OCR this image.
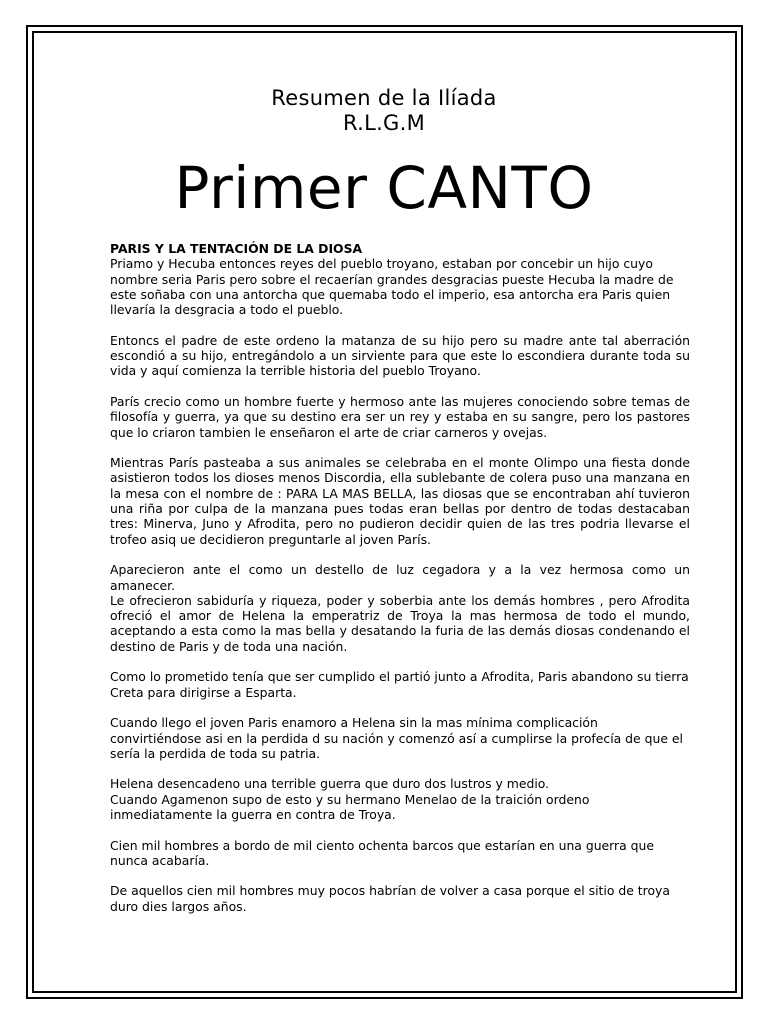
Resumen de la Ilíada
R.L.G.M
Primer CANTO
PARIS Y LA TENTACIÓN DE LA DIOSA

Priamo y Hecuba entonces reyes del pueblo troyano, estaban por concebir un hijo cuyo nombre seria Paris pero sobre el recaerían grandes desgracias pueste Hecuba la madre de este soñaba con una antorcha que quemaba todo el imperio, esa antorcha era Paris quien llevaría la desgracia a todo el pueblo.

Entoncs el padre de este ordeno la matanza de su hijo pero su madre ante tal aberración escondió a su hijo, entregándolo a un sirviente para que este lo escondiera durante toda su vida y aquí comienza la terrible historia del pueblo Troyano.

París crecio como un hombre fuerte y hermoso ante las mujeres conociendo sobre temas de filosofía y guerra, ya que su destino era ser un rey y estaba en su sangre, pero los pastores que lo criaron tambien le enseñaron el arte de criar carneros y ovejas.

Mientras París pasteaba a sus animales se celebraba en el monte Olimpo una fiesta donde asistieron todos los dioses menos Discordia, ella sublebante de colera puso una manzana en la mesa con el nombre de : PARA LA MAS BELLA, las diosas que se encontraban ahí tuvieron una riña por culpa de la manzana pues todas eran bellas por dentro de todas destacaban tres: Minerva, Juno y Afrodita, pero no pudieron decidir quien de las tres podria llevarse el trofeo asiq ue decidieron preguntarle al joven París.

Aparecieron ante el como un destello de luz cegadora y a la vez hermosa como un amanecer.
Le ofrecieron sabiduría y riqueza, poder y soberbia ante los demás hombres , pero Afrodita ofreció el amor de Helena la emperatriz de Troya la mas hermosa de todo el mundo, aceptando a esta como la mas bella y desatando la furia de las demás diosas condenando el destino de Paris y de toda una nación.

Como lo prometido tenía que ser cumplido el partió junto a Afrodita, Paris abandono su tierra Creta para dirigirse a Esparta.

Cuando llego el joven Paris enamoro a Helena sin la mas mínima complicación convirtiéndose asi en la perdida d su nación y comenzó así a cumplirse la profecía de que el sería la perdida de toda su patria.

Helena desencadeno una terrible guerra que duro dos lustros y medio.
Cuando Agamenon supo de esto y su hermano Menelao de la traición ordeno inmediatamente la guerra en contra de Troya.

Cien mil hombres a bordo de mil ciento ochenta barcos que estarían en una guerra que nunca acabaría.

De aquellos cien mil hombres muy pocos habrían de volver a casa porque el sitio de troya duro dies largos años.
